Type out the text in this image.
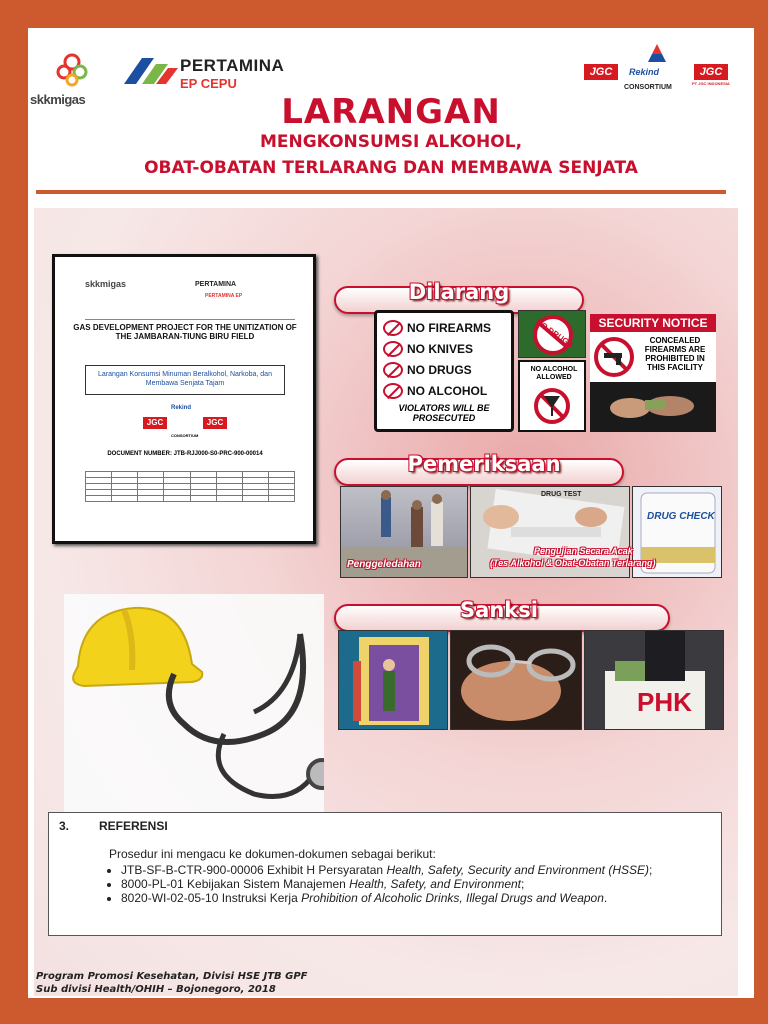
skkmigas
PERTAMINA
EP CEPU
JGC	Rekind	JGC
CONSORTIUM
PT JGC INDONESIA
LARANGAN
MENGKONSUMSI ALKOHOL,
OBAT-OBATAN TERLARANG DAN MEMBAWA SENJATA
skkmigas	PERTAMINA
PERTAMINA EP
GAS DEVELOPMENT PROJECT FOR THE UNITIZATION OF THE JAMBARAN-TIUNG BIRU FIELD
Larangan Konsumsi Minuman Beralkohol, Narkoba, dan Membawa Senjata Tajam
JGC
Rekind
JGC
CONSORTIUM
DOCUMENT NUMBER: JTB-RJJ000-S0-PRC-900-00014

Dilarang
NO FIREARMS
NO KNIVES
NO DRUGS
NO ALCOHOL
VIOLATORS WILL BE PROSECUTED
NO DRUGS
NO ALCOHOL ALLOWED
SECURITY NOTICE
CONCEALED FIREARMS ARE PROHIBITED IN THIS FACILITY
Pemeriksaan
Penggeledahan
DRUG TEST
DRUG CHECK
Pengujian Secara Acak
(Tes Alkohol & Obat-Obatan Terlarang)
Sanksi
PHK
3.	REFERENSI
Prosedur ini mengacu ke dokumen-dokumen sebagai berikut:
• JTB-SF-B-CTR-900-00006 Exhibit H Persyaratan Health, Safety, Security and Environment (HSSE);
• 8000-PL-01 Kebijakan Sistem Manajemen Health, Safety, and Environment;
• 8020-WI-02-05-10 Instruksi Kerja Prohibition of Alcoholic Drinks, Illegal Drugs and Weapon.
Program Promosi Kesehatan, Divisi HSE JTB GPF
Sub divisi Health/OHIH – Bojonegoro, 2018
